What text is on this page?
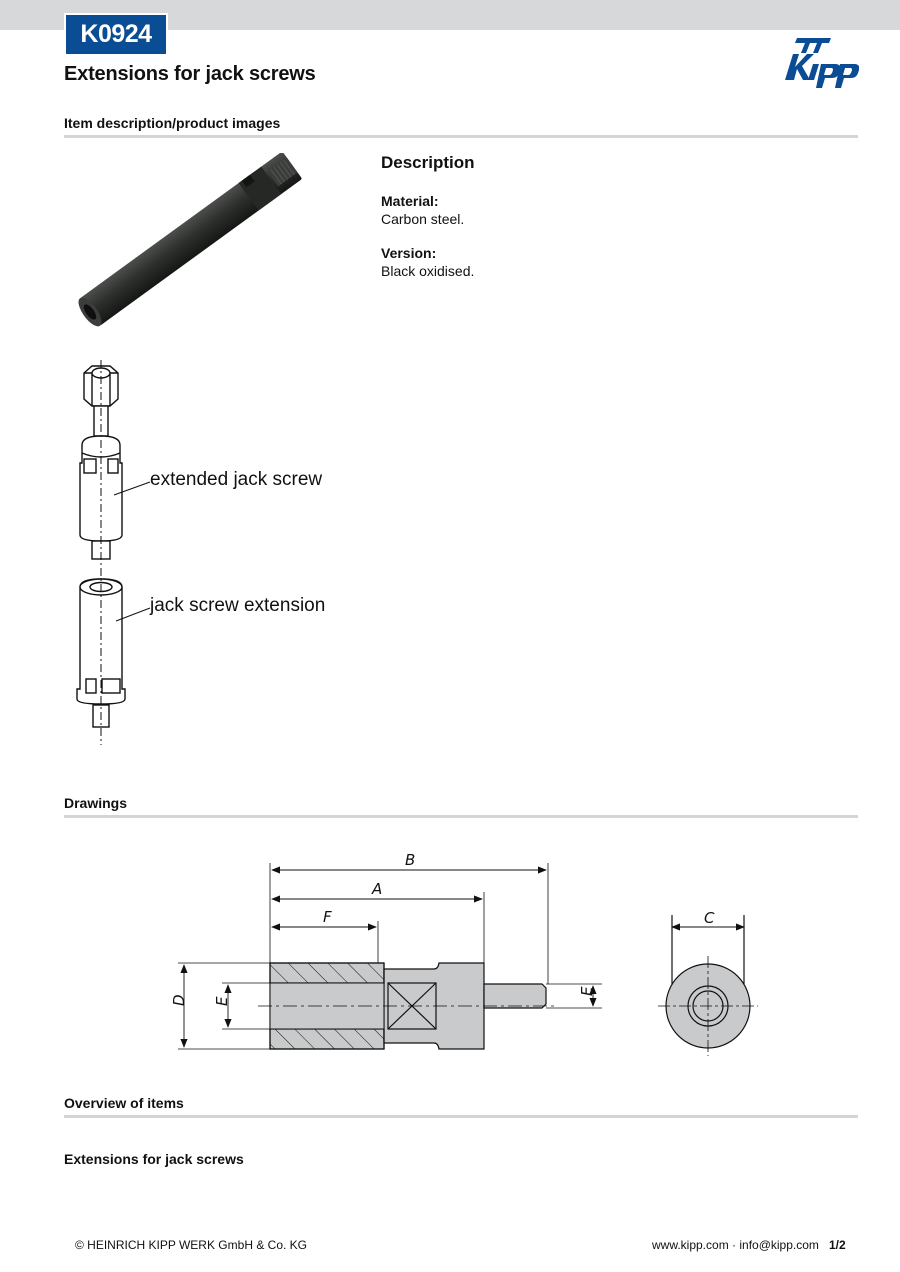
K0924
Extensions for jack screws

Item description/product images

extended jack screw
jack screw extension
Description

Material:

Carbon steel.

Version:

Black oxidised.

Drawings

B
A
F
D E
E
C

Overview of items

Extensions for jack screws

© HEINRICH KIPP WERK GmbH & Co. KG	www.kipp.com · info@kipp.com 1/2
